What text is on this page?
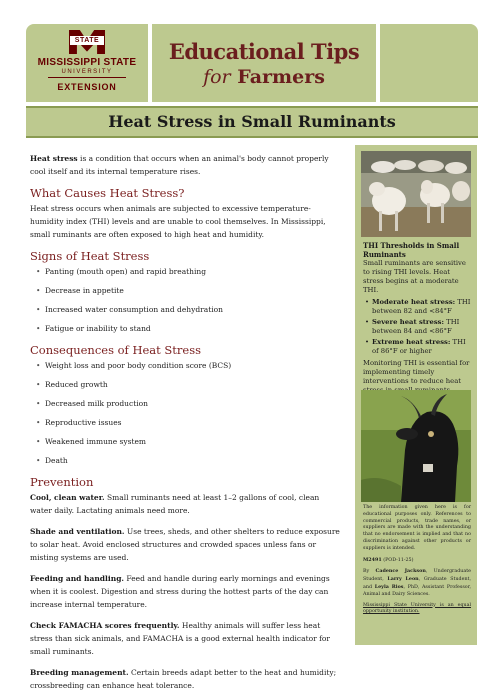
STATE
MISSISSIPPI STATE
UNIVERSITY
EXTENSION
Educational Tips
for Farmers
Heat Stress in Small Ruminants

Heat stress is a condition that occurs when an animal's body cannot properly cool itself and its internal temperature rises.

What Causes Heat Stress?

Heat stress occurs when animals are subjected to excessive temperature-humidity index (THI) levels and are unable to cool themselves. In Mississippi, small ruminants are often exposed to high heat and humidity.

Signs of Heat Stress
• Panting (mouth open) and rapid breathing
• Decrease in appetite
• Increased water consumption and dehydration
• Fatigue or inability to stand
Consequences of Heat Stress
• Weight loss and poor body condition score (BCS)
• Reduced growth
• Decreased milk production
• Reproductive issues
• Weakened immune system
• Death
Prevention

Cool, clean water. Small ruminants need at least 1–2 gallons of cool, clean water daily. Lactating animals need more.

Shade and ventilation. Use trees, sheds, and other shelters to reduce exposure to solar heat. Avoid enclosed structures and crowded spaces unless fans or misting systems are used.

Feeding and handling. Feed and handle during early mornings and evenings when it is coolest. Digestion and stress during the hottest parts of the day can increase internal temperature.

Check FAMACHA scores frequently. Healthy animals will suffer less heat stress than sick animals, and FAMACHA is a good external health indicator for small ruminants.

Breeding management. Certain breeds adapt better to the heat and humidity; crossbreeding can enhance heat tolerance.

THI Thresholds in Small Ruminants

Small ruminants are sensitive to rising THI levels. Heat stress begins at a moderate THI.

• Moderate heat stress: THI between 82 and <84°F
• Severe heat stress: THI between 84 and <86°F
• Extreme heat stress: THI of 86°F or higher

Monitoring THI is essential for implementing timely interventions to reduce heat

The information given here is for educational purposes only. References to commercial products, trade names, or suppliers are made with the understanding that no endorsement is implied and that no discrimination against other products or suppliers is intended.

M2491 (POD-11-25)

By Cadence Jackson, Undergraduate Student, Larry Leon, Graduate Student, and Leyla Rios, PhD, Assistant Professor, Animal and Dairy Sciences.

Mississippi State University is an equal opportunity institution.
